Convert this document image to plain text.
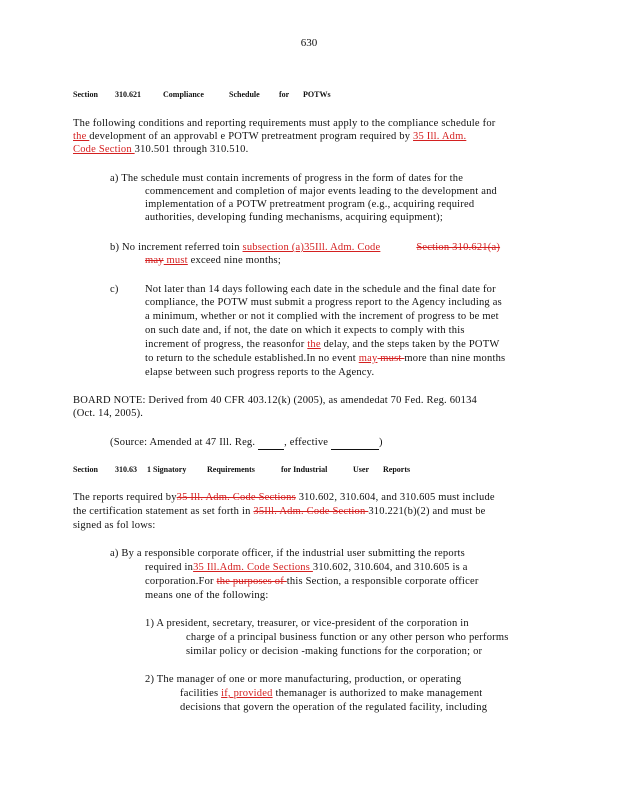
630
Section 310.621	Compliance	Schedule for POTWs
The following conditions and reporting requirements must apply to the compliance schedule for
the development of an approvabl e POTW pretreatment program required by 35 Ill. Adm.
Code Section 310.501 through 310.510.
a) The schedule must contain increments of progress in the form of dates for the
commencement and completion of major events leading to the development and
implementation of a POTW pretreatment program (e.g., acquiring required
authorities, developing funding mechanisms, acquiring equipment);
b) No increment referred toin subsection (a)35Ill. Adm. Code	Section 310.621(a)
may must exceed nine months;
c)	Not later than 14 days following each date in the schedule and the final date for
compliance, the POTW must submit a progress report to the Agency including as
a minimum, whether or not it complied with the increment of progress to be met
on such date and, if not, the date on which it expects to comply with this
increment of progress, the reasonfor the delay, and the steps taken by the POTW
to return to the schedule established.In no event may must more than nine months
elapse between such progress reports to the Agency.
BOARD NOTE: Derived from 40 CFR 403.12(k) (2005), as amendedat 70 Fed. Reg. 60134
(Oct. 14, 2005).
(Source: Amended at 47 Ill. Reg.  , effective	)
Section 310.63 1 Signatory	Requirements	for Industrial	User Reports
The reports required by35 Ill. Adm. Code Sections 310.602, 310.604, and 310.605 must include
the certification statement as set forth in 35Ill. Adm. Code Section 310.221(b)(2) and must be
signed as fol lows:
a) By a responsible corporate officer, if the industrial user submitting the reports
required in35 Ill.Adm. Code Sections 310.602, 310.604, and 310.605 is a
corporation.For the purposes of this Section, a responsible corporate officer
means one of the following:
1) A president, secretary, treasurer, or vice-president of the corporation in
charge of a principal business function or any other person who performs
similar policy or decision -making functions for the corporation; or
2) The manager of one or more manufacturing, production, or operating
facilities if, provided themanager is authorized to make management
decisions that govern the operation of the regulated facility, including
